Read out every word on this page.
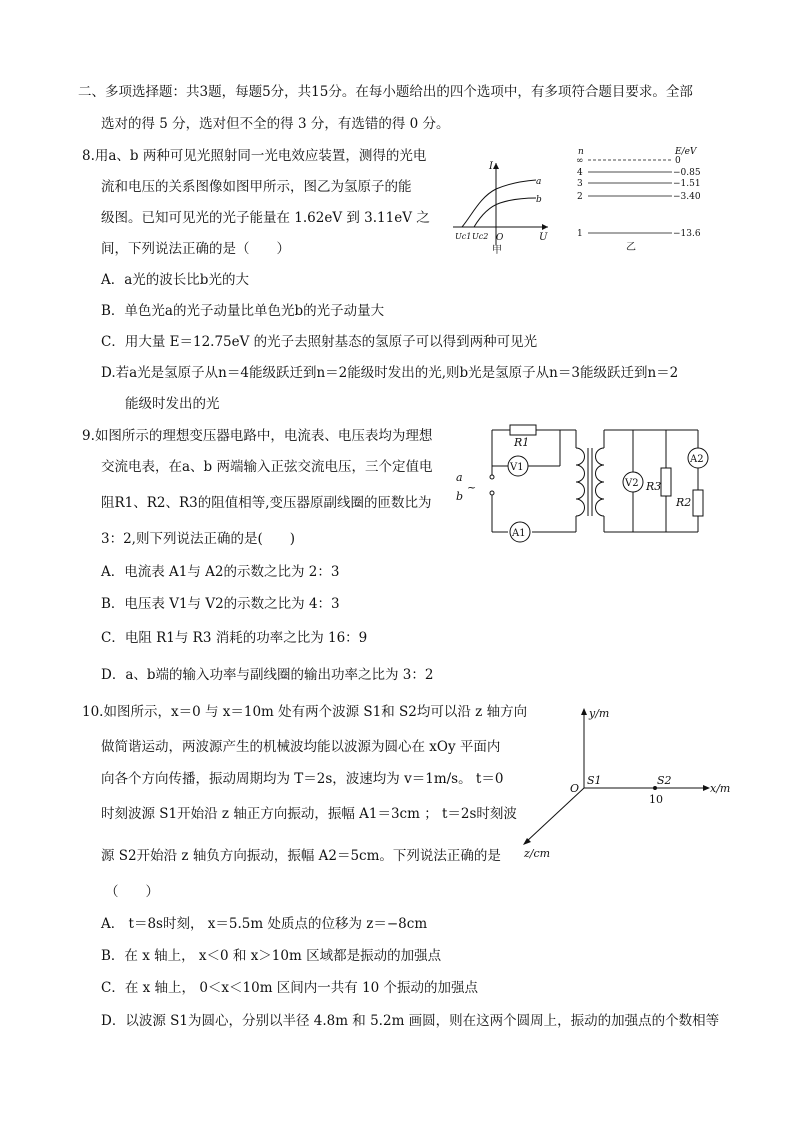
二、多项选择题：共3题，每题5分，共15分。在每小题给出的四个选项中，有多项符合题目要求。全部
选对的得 5 分，选对但不全的得 3 分，有选错的得 0 分。
8.用a、b 两种可见光照射同一光电效应装置，测得的光电
流和电压的关系图像如图甲所示，图乙为氢原子的能
级图。已知可见光的光子能量在 1.62eV 到 3.11eV 之
间，下列说法正确的是（　　）
A．a光的波长比b光的大
B．单色光a的光子动量比单色光b的光子动量大
C．用大量 E＝12.75eV 的光子去照射基态的氢原子可以得到两种可见光
D.若a光是氢原子从n＝4能级跃迁到n＝2能级时发出的光,则b光是氢原子从n＝3能级跃迁到n＝2
能级时发出的光
I
U
O
Uc1 Uc2
a
b
甲
n	E/eV
∞	0
4	−0.85
3	−1.51
2	−3.40
1	−13.6
乙
9.如图所示的理想变压器电路中，电流表、电压表均为理想
交流电表，在a、b 两端输入正弦交流电压，三个定值电
阻R1、R2、R3的阻值相等,变压器原副线圈的匝数比为
3：2,则下列说法正确的是(　　)
A．电流表 A1与 A2的示数之比为 2：3
B．电压表 V1与 V2的示数之比为 4：3
C．电阻 R1与 R3 消耗的功率之比为 16：9
D．a、b端的输入功率与副线圈的输出功率之比为 3：2
R1
V1
a
b
~
A1
V2 R3
A2
R2
10.如图所示，x＝0 与 x＝10m 处有两个波源 S1和 S2均可以沿 z 轴方向
做简谐运动，两波源产生的机械波均能以波源为圆心在 xOy 平面内
向各个方向传播，振动周期均为 T＝2s，波速均为 v＝1m/s。 t＝0
时刻波源 S1开始沿 z 轴正方向振动，振幅 A1＝3cm ； t＝2s时刻波
源 S2开始沿 z 轴负方向振动，振幅 A2＝5cm。下列说法正确的是
（　　）
A． t＝8s时刻， x＝5.5m 处质点的位移为 z＝−8cm
B．在 x 轴上， x＜0 和 x＞10m 区域都是振动的加强点
C．在 x 轴上， 0＜x＜10m 区间内一共有 10 个振动的加强点
D．以波源 S1为圆心，分别以半径 4.8m 和 5.2m 画圆，则在这两个圆周上，振动的加强点的个数相等
y/m
x/m
z/cm
O
S1	S2
10
